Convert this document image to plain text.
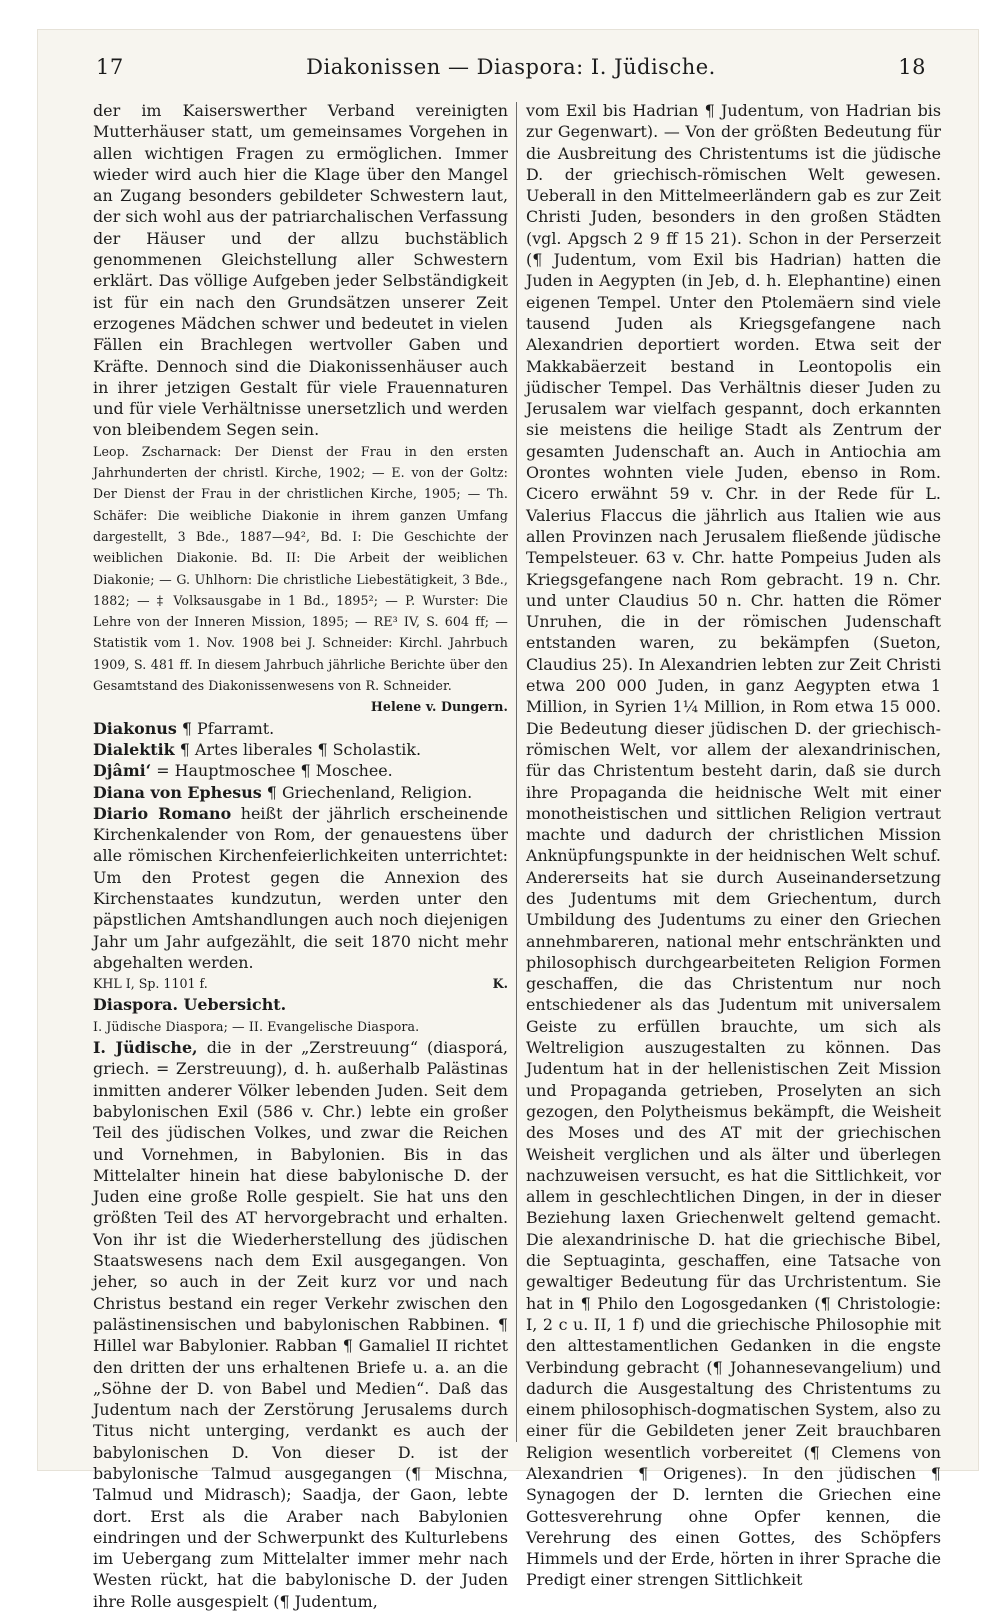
17	Diakonissen — Diaspora: I. Jüdische.	18

der im Kaiserswerther Verband vereinigten Mutterhäuser statt, um gemeinsames Vorgehen in allen wichtigen Fragen zu ermöglichen. Immer wieder wird auch hier die Klage über den Mangel an Zugang besonders gebildeter Schwestern laut, der sich wohl aus der patriarchalischen Verfassung der Häuser und der allzu buchstäblich genommenen Gleichstellung aller Schwestern erklärt. Das völlige Aufgeben jeder Selbständigkeit ist für ein nach den Grundsätzen unserer Zeit erzogenes Mädchen schwer und bedeutet in vielen Fällen ein Brachlegen wertvoller Gaben und Kräfte. Dennoch sind die Diakonissenhäuser auch in ihrer jetzigen Gestalt für viele Frauennaturen und für viele Verhältnisse unersetzlich und werden von bleibendem Segen sein.

Leop. Zscharnack: Der Dienst der Frau in den ersten Jahrhunderten der christl. Kirche, 1902; — E. von der Goltz: Der Dienst der Frau in der christlichen Kirche, 1905; — Th. Schäfer: Die weibliche Diakonie in ihrem ganzen Umfang dargestellt, 3 Bde., 1887—94², Bd. I: Die Geschichte der weiblichen Diakonie. Bd. II: Die Arbeit der weiblichen Diakonie; — G. Uhlhorn: Die christliche Liebestätigkeit, 3 Bde., 1882; — ‡ Volksausgabe in 1 Bd., 1895²; — P. Wurster: Die Lehre von der Inneren Mission, 1895; — RE³ IV, S. 604 ff; — Statistik vom 1. Nov. 1908 bei J. Schneider: Kirchl. Jahrbuch 1909, S. 481 ff. In diesem Jahrbuch jährliche Berichte über den Gesamtstand des Diakonissenwesens von R. Schneider.

Helene v. Dungern.

Diakonus ¶ Pfarramt.

Dialektik ¶ Artes liberales ¶ Scholastik.

Djâmi‘ = Hauptmoschee ¶ Moschee.

Diana von Ephesus ¶ Griechenland, Religion.

Diario Romano heißt der jährlich erscheinende Kirchenkalender von Rom, der genauestens über alle römischen Kirchenfeierlichkeiten unterrichtet: Um den Protest gegen die Annexion des Kirchenstaates kundzutun, werden unter den päpstlichen Amtshandlungen auch noch diejenigen Jahr um Jahr aufgezählt, die seit 1870 nicht mehr abgehalten werden.

KHL I, Sp. 1101 f.	K.

Diaspora. Uebersicht.

I. Jüdische Diaspora; — II. Evangelische Diaspora.

I. Jüdische, die in der „Zerstreuung“ (diasporá, griech. = Zerstreuung), d. h. außerhalb Palästinas inmitten anderer Völker lebenden Juden. Seit dem babylonischen Exil (586 v. Chr.) lebte ein großer Teil des jüdischen Volkes, und zwar die Reichen und Vornehmen, in Babylonien. Bis in das Mittelalter hinein hat diese babylonische D. der Juden eine große Rolle gespielt. Sie hat uns den größten Teil des AT hervorgebracht und erhalten. Von ihr ist die Wiederherstellung des jüdischen Staatswesens nach dem Exil ausgegangen. Von jeher, so auch in der Zeit kurz vor und nach Christus bestand ein reger Verkehr zwischen den palästinensischen und babylonischen Rabbinen. ¶ Hillel war Babylonier. Rabban ¶ Gamaliel II richtet den dritten der uns erhaltenen Briefe u. a. an die „Söhne der D. von Babel und Medien“. Daß das Judentum nach der Zerstörung Jerusalems durch Titus nicht unterging, verdankt es auch der babylonischen D. Von dieser D. ist der babylonische Talmud ausgegangen (¶ Mischna, Talmud und Midrasch); Saadja, der Gaon, lebte dort. Erst als die Araber nach Babylonien eindringen und der Schwerpunkt des Kulturlebens im Uebergang zum Mittelalter immer mehr nach Westen rückt, hat die babylonische D. der Juden ihre Rolle ausgespielt (¶ Judentum,

vom Exil bis Hadrian ¶ Judentum, von Hadrian bis zur Gegenwart). — Von der größten Bedeutung für die Ausbreitung des Christentums ist die jüdische D. der griechisch-römischen Welt gewesen. Ueberall in den Mittelmeerländern gab es zur Zeit Christi Juden, besonders in den großen Städten (vgl. Apgsch 2 9 ff 15 21). Schon in der Perserzeit (¶ Judentum, vom Exil bis Hadrian) hatten die Juden in Aegypten (in Jeb, d. h. Elephantine) einen eigenen Tempel. Unter den Ptolemäern sind viele tausend Juden als Kriegsgefangene nach Alexandrien deportiert worden. Etwa seit der Makkabäerzeit bestand in Leontopolis ein jüdischer Tempel. Das Verhältnis dieser Juden zu Jerusalem war vielfach gespannt, doch erkannten sie meistens die heilige Stadt als Zentrum der gesamten Judenschaft an. Auch in Antiochia am Orontes wohnten viele Juden, ebenso in Rom. Cicero erwähnt 59 v. Chr. in der Rede für L. Valerius Flaccus die jährlich aus Italien wie aus allen Provinzen nach Jerusalem fließende jüdische Tempelsteuer. 63 v. Chr. hatte Pompeius Juden als Kriegsgefangene nach Rom gebracht. 19 n. Chr. und unter Claudius 50 n. Chr. hatten die Römer Unruhen, die in der römischen Judenschaft entstanden waren, zu bekämpfen (Sueton, Claudius 25). In Alexandrien lebten zur Zeit Christi etwa 200 000 Juden, in ganz Aegypten etwa 1 Million, in Syrien 1¼ Million, in Rom etwa 15 000. Die Bedeutung dieser jüdischen D. der griechisch-römischen Welt, vor allem der alexandrinischen, für das Christentum besteht darin, daß sie durch ihre Propaganda die heidnische Welt mit einer monotheistischen und sittlichen Religion vertraut machte und dadurch der christlichen Mission Anknüpfungspunkte in der heidnischen Welt schuf. Andererseits hat sie durch Auseinandersetzung des Judentums mit dem Griechentum, durch Umbildung des Judentums zu einer den Griechen annehmbareren, national mehr entschränkten und philosophisch durchgearbeiteten Religion Formen geschaffen, die das Christentum nur noch entschiedener als das Judentum mit universalem Geiste zu erfüllen brauchte, um sich als Weltreligion auszugestalten zu können. Das Judentum hat in der hellenistischen Zeit Mission und Propaganda getrieben, Proselyten an sich gezogen, den Polytheismus bekämpft, die Weisheit des Moses und des AT mit der griechischen Weisheit verglichen und als älter und überlegen nachzuweisen versucht, es hat die Sittlichkeit, vor allem in geschlechtlichen Dingen, in der in dieser Beziehung laxen Griechenwelt geltend gemacht. Die alexandrinische D. hat die griechische Bibel, die Septuaginta, geschaffen, eine Tatsache von gewaltiger Bedeutung für das Urchristentum. Sie hat in ¶ Philo den Logosgedanken (¶ Christologie: I, 2 c u. II, 1 f) und die griechische Philosophie mit den alttestamentlichen Gedanken in die engste Verbindung gebracht (¶ Johannesevangelium) und dadurch die Ausgestaltung des Christentums zu einem philosophisch-dogmatischen System, also zu einer für die Gebildeten jener Zeit brauchbaren Religion wesentlich vorbereitet (¶ Clemens von Alexandrien ¶ Origenes). In den jüdischen ¶ Synagogen der D. lernten die Griechen eine Gottesverehrung ohne Opfer kennen, die Verehrung des einen Gottes, des Schöpfers Himmels und der Erde, hörten in ihrer Sprache die Predigt einer strengen Sittlichkeit
